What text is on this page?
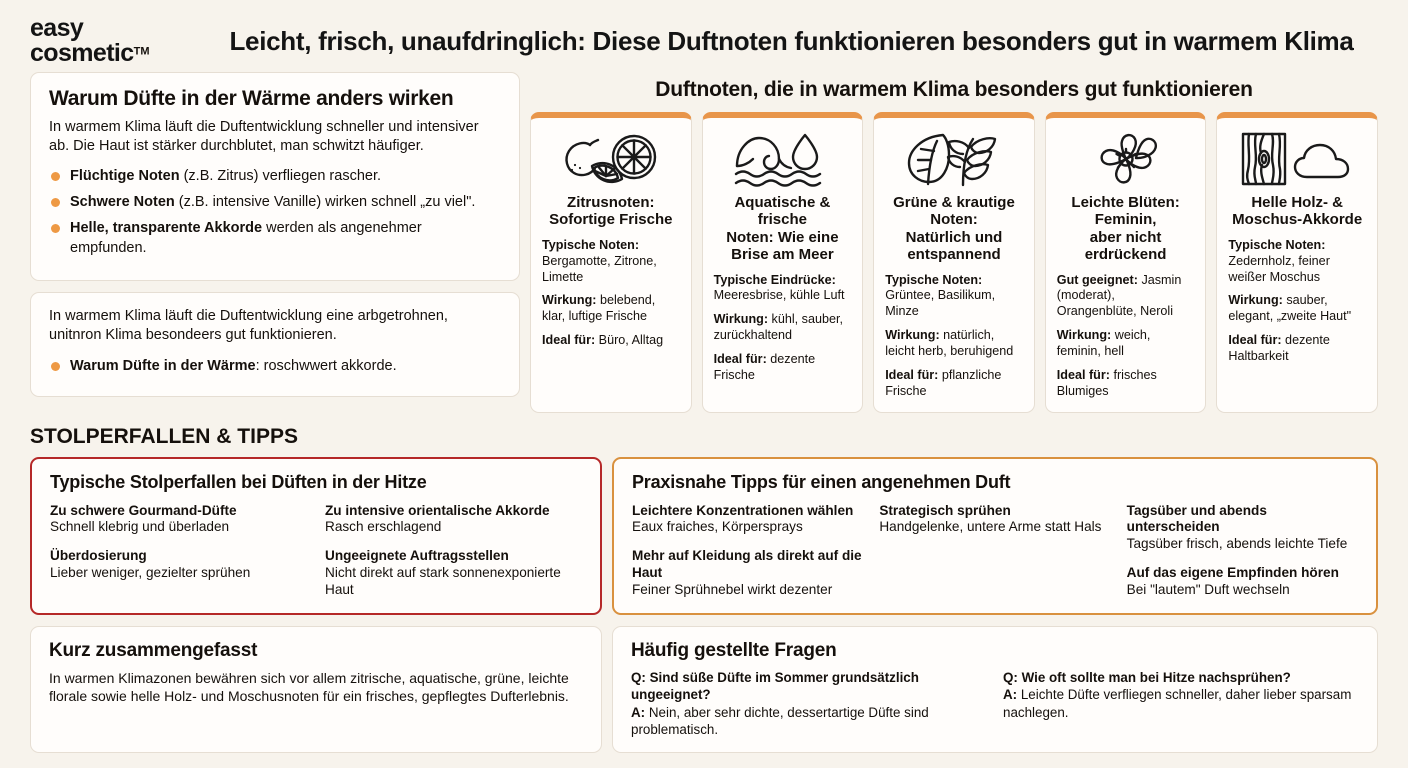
easy
cosmetic™	Leicht, frisch, unaufdringlich: Diese Duftnoten funktionieren besonders gut in warmem Klima
Warum Düfte in der Wärme anders wirken

In warmem Klima läuft die Duftentwicklung schneller und intensiver ab. Die Haut ist stärker durchblutet, man schwitzt häufiger.

Flüchtige Noten (z.B. Zitrus) verfliegen rascher.
Schwere Noten (z.B. intensive Vanille) wirken schnell „zu viel".
Helle, transparente Akkorde werden als angenehmer empfunden.

In warmem Klima läuft die Duftentwicklung eine arbgetrohnen, unitnron Klima besondeers gut funktionieren.

Warum Düfte in der Wärme: roschwwert akkorde.
Duftnoten, die in warmem Klima besonders gut funktionieren
Zitrusnoten:
Sofortige Frische
Typische Noten:
Bergamotte, Zitrone, Limette
Wirkung: belebend, klar, luftige Frische
Ideal für: Büro, Alltag
Aquatische & frische
Noten: Wie eine
Brise am Meer
Typische Eindrücke:
Meeresbrise, kühle Luft
Wirkung: kühl, sauber, zurückhaltend
Ideal für: dezente Frische
Grüne & krautige Noten:
Natürlich und entspannend
Typische Noten:
Grüntee, Basilikum, Minze
Wirkung: natürlich, leicht herb, beruhigend
Ideal für: pflanzliche Frische
Leichte Blüten: Feminin,
aber nicht erdrückend
Gut geeignet: Jasmin (moderat), Orangenblüte, Neroli
Wirkung: weich, feminin, hell
Ideal für: frisches Blumiges
Helle Holz- &
Moschus-Akkorde
Typische Noten:
Zedernholz, feiner weißer Moschus
Wirkung: sauber, elegant, „zweite Haut"
Ideal für: dezente Haltbarkeit
STOLPERFALLEN & TIPPS
Typische Stolperfallen bei Düften in der Hitze
Zu schwere Gourmand-Düfte
Schnell klebrig und überladen
Überdosierung
Lieber weniger, gezielter sprühen
Zu intensive orientalische Akkorde
Rasch erschlagend
Ungeeignete Auftragsstellen
Nicht direkt auf stark sonnenexponierte Haut
Praxisnahe Tipps für einen angenehmen Duft
Leichtere Konzentrationen wählen
Eaux fraiches, Körpersprays
Mehr auf Kleidung als direkt auf die Haut
Feiner Sprühnebel wirkt dezenter
Strategisch sprühen
Handgelenke, untere Arme statt Hals
Tagsüber und abends unterscheiden
Tagsüber frisch, abends leichte Tiefe
Auf das eigene Empfinden hören
Bei "lautem" Duft wechseln
Kurz zusammengefasst

In warmen Klimazonen bewähren sich vor allem zitrische, aquatische, grüne, leichte florale sowie helle Holz- und Moschusnoten für ein frisches, gepflegtes Dufterlebnis.

Häufig gestellte Fragen
Q: Sind süße Düfte im Sommer grundsätzlich ungeeignet?
A: Nein, aber sehr dichte, dessertartige Düfte sind problematisch.
Q: Wie oft sollte man bei Hitze nachsprühen?
A: Leichte Düfte verfliegen schneller, daher lieber sparsam nachlegen.
